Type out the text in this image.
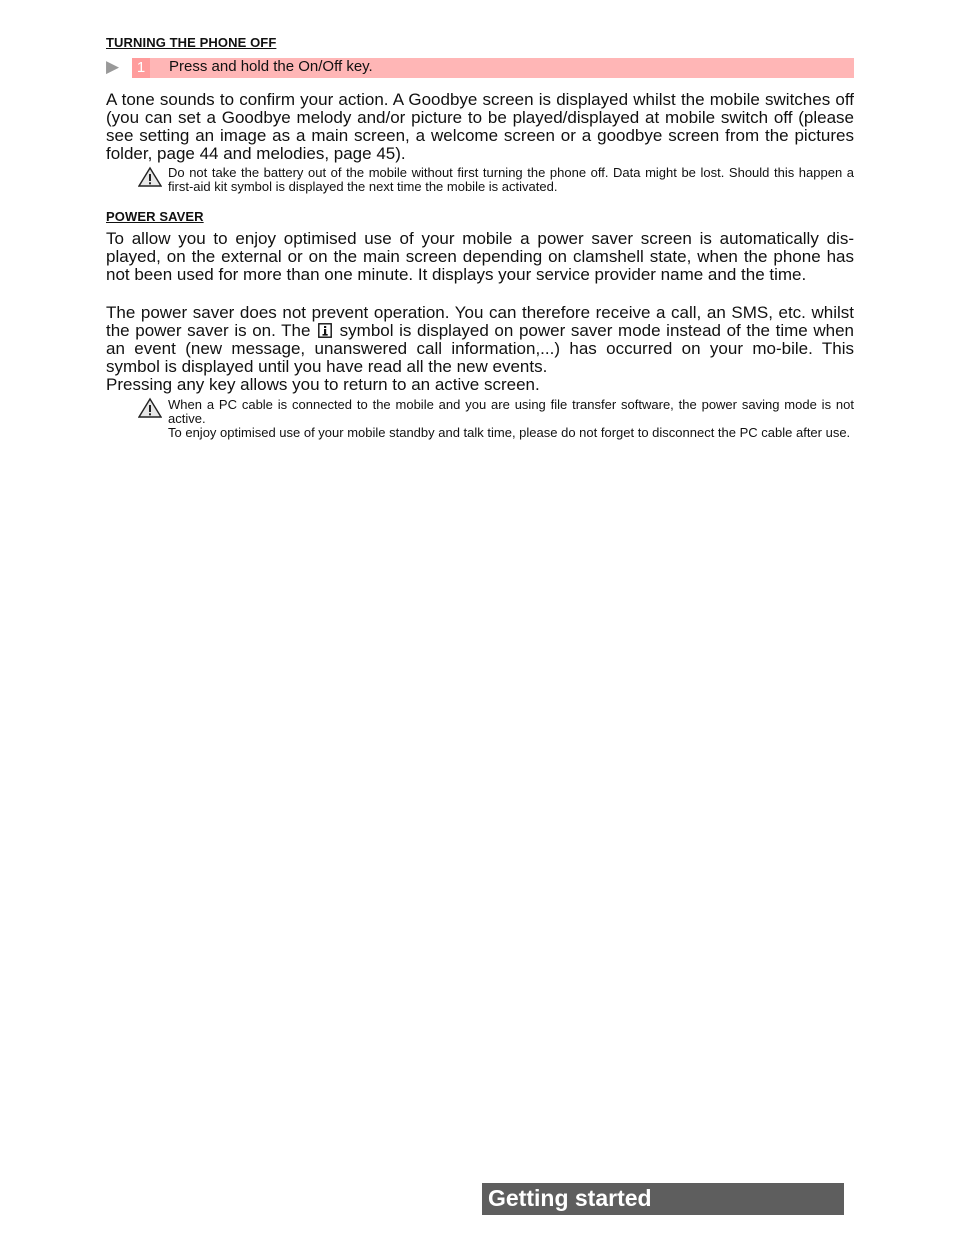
TURNING THE PHONE OFF
▶	1	Press and hold the On/Off key.
A tone sounds to confirm your action. A Goodbye screen is displayed whilst the mobile switches off (you can set a Goodbye melody and/or picture to be played/displayed at mobile switch off (please see setting an image as a main screen, a welcome screen or a goodbye screen from the pictures folder, page 44 and melodies, page 45).
Do not take the battery out of the mobile without first turning the phone off. Data might be lost. Should this happen a first-aid kit symbol is displayed the next time the mobile is activated.
POWER SAVER
To allow you to enjoy optimised use of your mobile a power saver screen is automatically dis-played, on the external or on the main screen depending on clamshell state, when the phone has not been used for more than one minute. It displays your service provider name and the time.
The power saver does not prevent operation. You can therefore receive a call, an SMS, etc. whilst the power saver is on. The symbol is displayed on power saver mode instead of the time when an event (new message, unanswered call information,...) has occurred on your mo-bile. This symbol is displayed until you have read all the new events.
Pressing any key allows you to return to an active screen.
When a PC cable is connected to the mobile and you are using file transfer software, the power saving mode is not active.
To enjoy optimised use of your mobile standby and talk time, please do not forget to disconnect the PC cable after use.
Getting started
